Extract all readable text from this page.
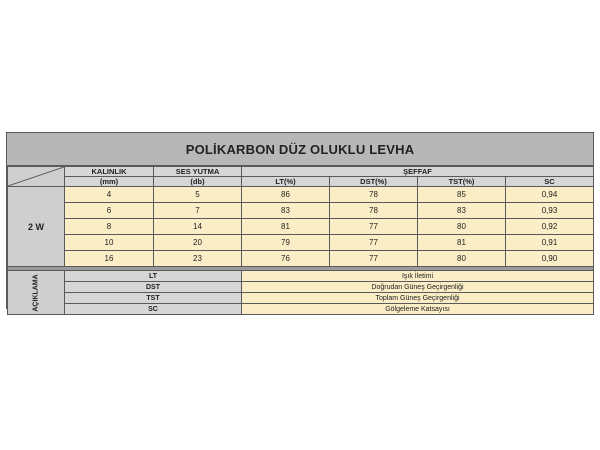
POLİKARBON DÜZ OLUKLU LEVHA
	KALINLIK	SES YUTMA	ŞEFFAF			
	(mm)	(db)	LT(%)	DST(%)	TST(%)	SC
2 W	4	5	86	78	85	0,94
	6	7	83	78	83	0,93
	8	14	81	77	80	0,92
	10	20	79	77	81	0,91
	16	23	76	77	80	0,90

AÇIKLAMA	LT		Işık İletimi			
	DST		Doğrudan Güneş Geçirgenliği			
	TST		Toplam Güneş Geçirgenliği			
	SC		Gölgeleme Katsayısı			
